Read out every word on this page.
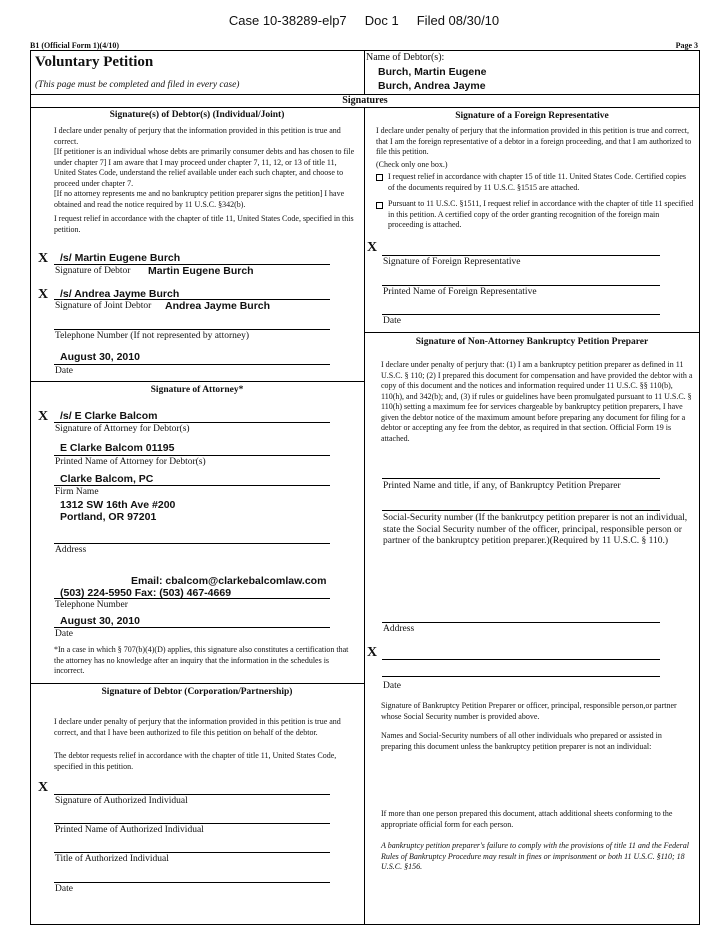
Case 10-38289-elp7     Doc 1     Filed 08/30/10
B1 (Official Form 1)(4/10)	Page 3
Voluntary Petition
(This page must be completed and filed in every case)
Name of Debtor(s):
Burch, Martin Eugene
Burch, Andrea Jayme
Signatures
Signature(s) of Debtor(s) (Individual/Joint)
I declare under penalty of perjury that the information provided in this petition is true and correct.
[If petitioner is an individual whose debts are primarily consumer debts and has chosen to file under chapter 7] I am aware that I may proceed under chapter 7, 11, 12, or 13 of title 11, United States Code, understand the relief available under each such chapter, and choose to proceed under chapter 7.
[If no attorney represents me and no bankruptcy petition preparer signs the petition] I have obtained and read the notice required by 11 U.S.C. §342(b).
I request relief in accordance with the chapter of title 11, United States Code, specified in this petition.
X /s/ Martin Eugene Burch
Signature of Debtor Martin Eugene Burch
X /s/ Andrea Jayme Burch
Signature of Joint Debtor Andrea Jayme Burch
Telephone Number (If not represented by attorney)
August 30, 2010
Date
Signature of Attorney*
X /s/ E Clarke Balcom
Signature of Attorney for Debtor(s)
E Clarke Balcom 01195
Printed Name of Attorney for Debtor(s)
Clarke Balcom, PC
Firm Name
1312 SW 16th Ave #200
Portland, OR 97201
Address
Email: cbalcom@clarkebalcomlaw.com
(503) 224-5950 Fax: (503) 467-4669
Telephone Number
August 30, 2010
Date
*In a case in which § 707(b)(4)(D) applies, this signature also constitutes a certification that the attorney has no knowledge after an inquiry that the information in the schedules is incorrect.
Signature of Debtor (Corporation/Partnership)
I declare under penalty of perjury that the information provided in this petition is true and correct, and that I have been authorized to file this petition on behalf of the debtor.
The debtor requests relief in accordance with the chapter of title 11, United States Code, specified in this petition.
X
Signature of Authorized Individual
Printed Name of Authorized Individual
Title of Authorized Individual
Date
Signature of a Foreign Representative
I declare under penalty of perjury that the information provided in this petition is true and correct, that I am the foreign representative of a debtor in a foreign proceeding, and that I am authorized to file this petition.
(Check only one box.)
I request relief in accordance with chapter 15 of title 11. United States Code. Certified copies of the documents required by 11 U.S.C. §1515 are attached.
Pursuant to 11 U.S.C. §1511, I request relief in accordance with the chapter of title 11 specified in this petition. A certified copy of the order granting recognition of the foreign main proceeding is attached.
X
Signature of Foreign Representative
Printed Name of Foreign Representative
Date
Signature of Non-Attorney Bankruptcy Petition Preparer
I declare under penalty of perjury that: (1) I am a bankruptcy petition preparer as defined in 11 U.S.C. § 110; (2) I prepared this document for compensation and have provided the debtor with a copy of this document and the notices and information required under 11 U.S.C. §§ 110(b), 110(h), and 342(b); and, (3) if rules or guidelines have been promulgated pursuant to 11 U.S.C. § 110(h) setting a maximum fee for services chargeable by bankruptcy petition preparers, I have given the debtor notice of the maximum amount before preparing any document for filing for a debtor or accepting any fee from the debtor, as required in that section. Official Form 19 is attached.
Printed Name and title, if any, of Bankruptcy Petition Preparer
Social-Security number (If the bankrutpcy petition preparer is not an individual, state the Social Security number of the officer, principal, responsible person or partner of the bankruptcy petition preparer.)(Required by 11 U.S.C. § 110.)
Address
X
Date
Signature of Bankruptcy Petition Preparer or officer, principal, responsible person,or partner whose Social Security number is provided above.
Names and Social-Security numbers of all other individuals who prepared or assisted in preparing this document unless the bankruptcy petition preparer is not an individual:
If more than one person prepared this document, attach additional sheets conforming to the appropriate official form for each person.
A bankruptcy petition preparer's failure to comply with the provisions of title 11 and the Federal Rules of Bankruptcy Procedure may result in fines or imprisonment or both 11 U.S.C. §110; 18 U.S.C. §156.
